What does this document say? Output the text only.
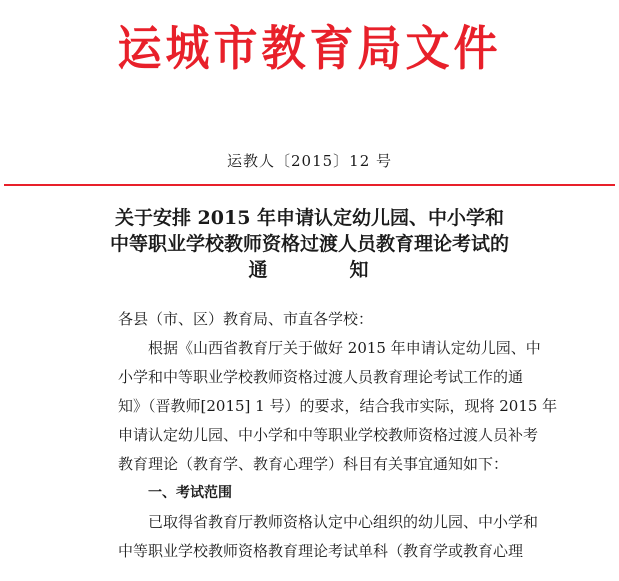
运城市教育局文件
运教人〔2015〕12 号
关于安排 2015 年申请认定幼儿园、中小学和
中等职业学校教师资格过渡人员教育理论考试的
通	知
各县（市、区）教育局、市直各学校：
根据《山西省教育厅关于做好 2015 年申请认定幼儿园、中
小学和中等职业学校教师资格过渡人员教育理论考试工作的通
知》（晋教师[2015] 1 号）的要求，结合我市实际，现将 2015 年
申请认定幼儿园、中小学和中等职业学校教师资格过渡人员补考
教育理论（教育学、教育心理学）科目有关事宜通知如下：
一、考试范围
已取得省教育厅教师资格认定中心组织的幼儿园、中小学和
中等职业学校教师资格教育理论考试单科（教育学或教育心理
